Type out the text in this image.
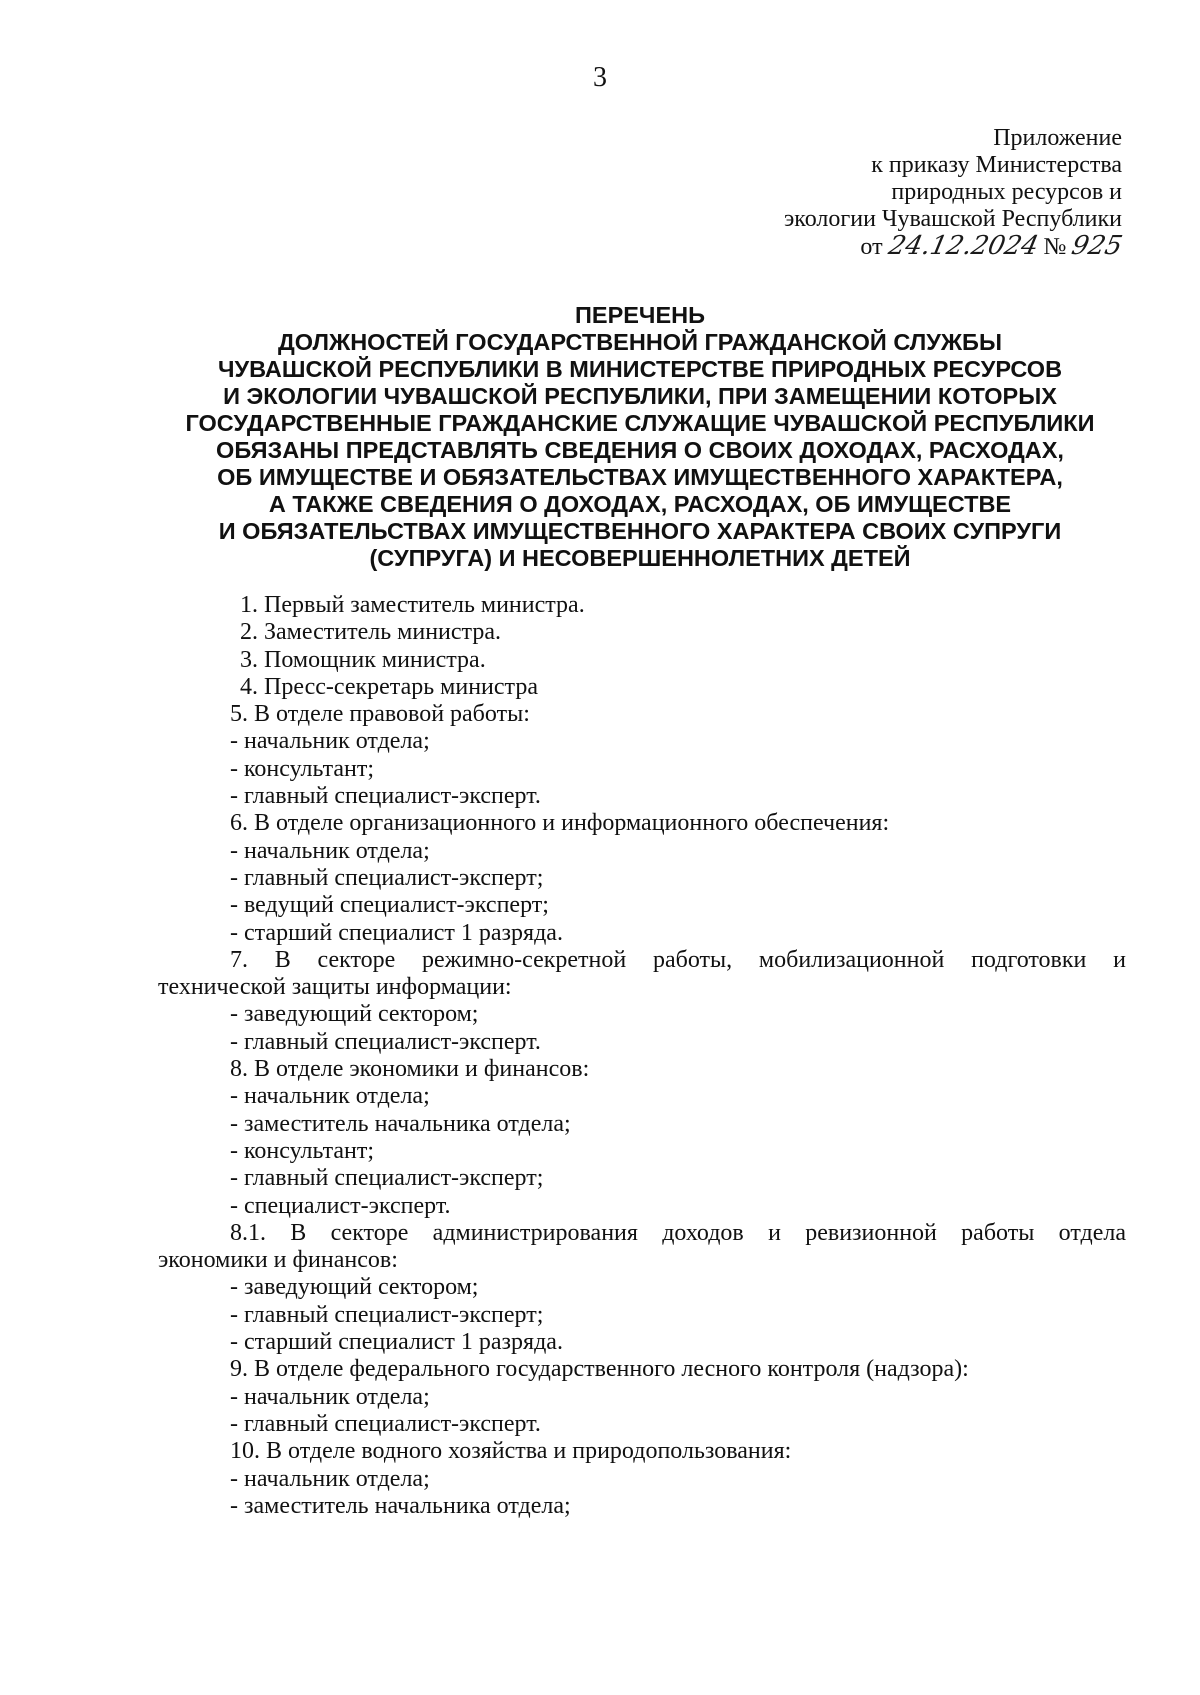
3
Приложение
к приказу Министерства
природных ресурсов и
экологии Чувашской Республики
от 24.12.2024 № 925
ПЕРЕЧЕНЬ
ДОЛЖНОСТЕЙ ГОСУДАРСТВЕННОЙ ГРАЖДАНСКОЙ СЛУЖБЫ
ЧУВАШСКОЙ РЕСПУБЛИКИ В МИНИСТЕРСТВЕ ПРИРОДНЫХ РЕСУРСОВ
И ЭКОЛОГИИ ЧУВАШСКОЙ РЕСПУБЛИКИ, ПРИ ЗАМЕЩЕНИИ КОТОРЫХ
ГОСУДАРСТВЕННЫЕ ГРАЖДАНСКИЕ СЛУЖАЩИЕ ЧУВАШСКОЙ РЕСПУБЛИКИ
ОБЯЗАНЫ ПРЕДСТАВЛЯТЬ СВЕДЕНИЯ О СВОИХ ДОХОДАХ, РАСХОДАХ,
ОБ ИМУЩЕСТВЕ И ОБЯЗАТЕЛЬСТВАХ ИМУЩЕСТВЕННОГО ХАРАКТЕРА,
А ТАКЖЕ СВЕДЕНИЯ О ДОХОДАХ, РАСХОДАХ, ОБ ИМУЩЕСТВЕ
И ОБЯЗАТЕЛЬСТВАХ ИМУЩЕСТВЕННОГО ХАРАКТЕРА СВОИХ СУПРУГИ
(СУПРУГА) И НЕСОВЕРШЕННОЛЕТНИХ ДЕТЕЙ
1. Первый заместитель министра.
2. Заместитель министра.
3. Помощник министра.
4. Пресс-секретарь министра
5. В отделе правовой работы:
- начальник отдела;
- консультант;
- главный специалист-эксперт.
6. В отделе организационного и информационного обеспечения:
- начальник отдела;
- главный специалист-эксперт;
- ведущий специалист-эксперт;
- старший специалист 1 разряда.
7. В секторе режимно-секретной работы, мобилизационной подготовки и
технической защиты информации:
- заведующий сектором;
- главный специалист-эксперт.
8. В отделе экономики и финансов:
- начальник отдела;
- заместитель начальника отдела;
- консультант;
- главный специалист-эксперт;
- специалист-эксперт.
8.1. В секторе администрирования доходов и ревизионной работы отдела
экономики и финансов:
- заведующий сектором;
- главный специалист-эксперт;
- старший специалист 1 разряда.
9. В отделе федерального государственного лесного контроля (надзора):
- начальник отдела;
- главный специалист-эксперт.
10. В отделе водного хозяйства и природопользования:
- начальник отдела;
- заместитель начальника отдела;
